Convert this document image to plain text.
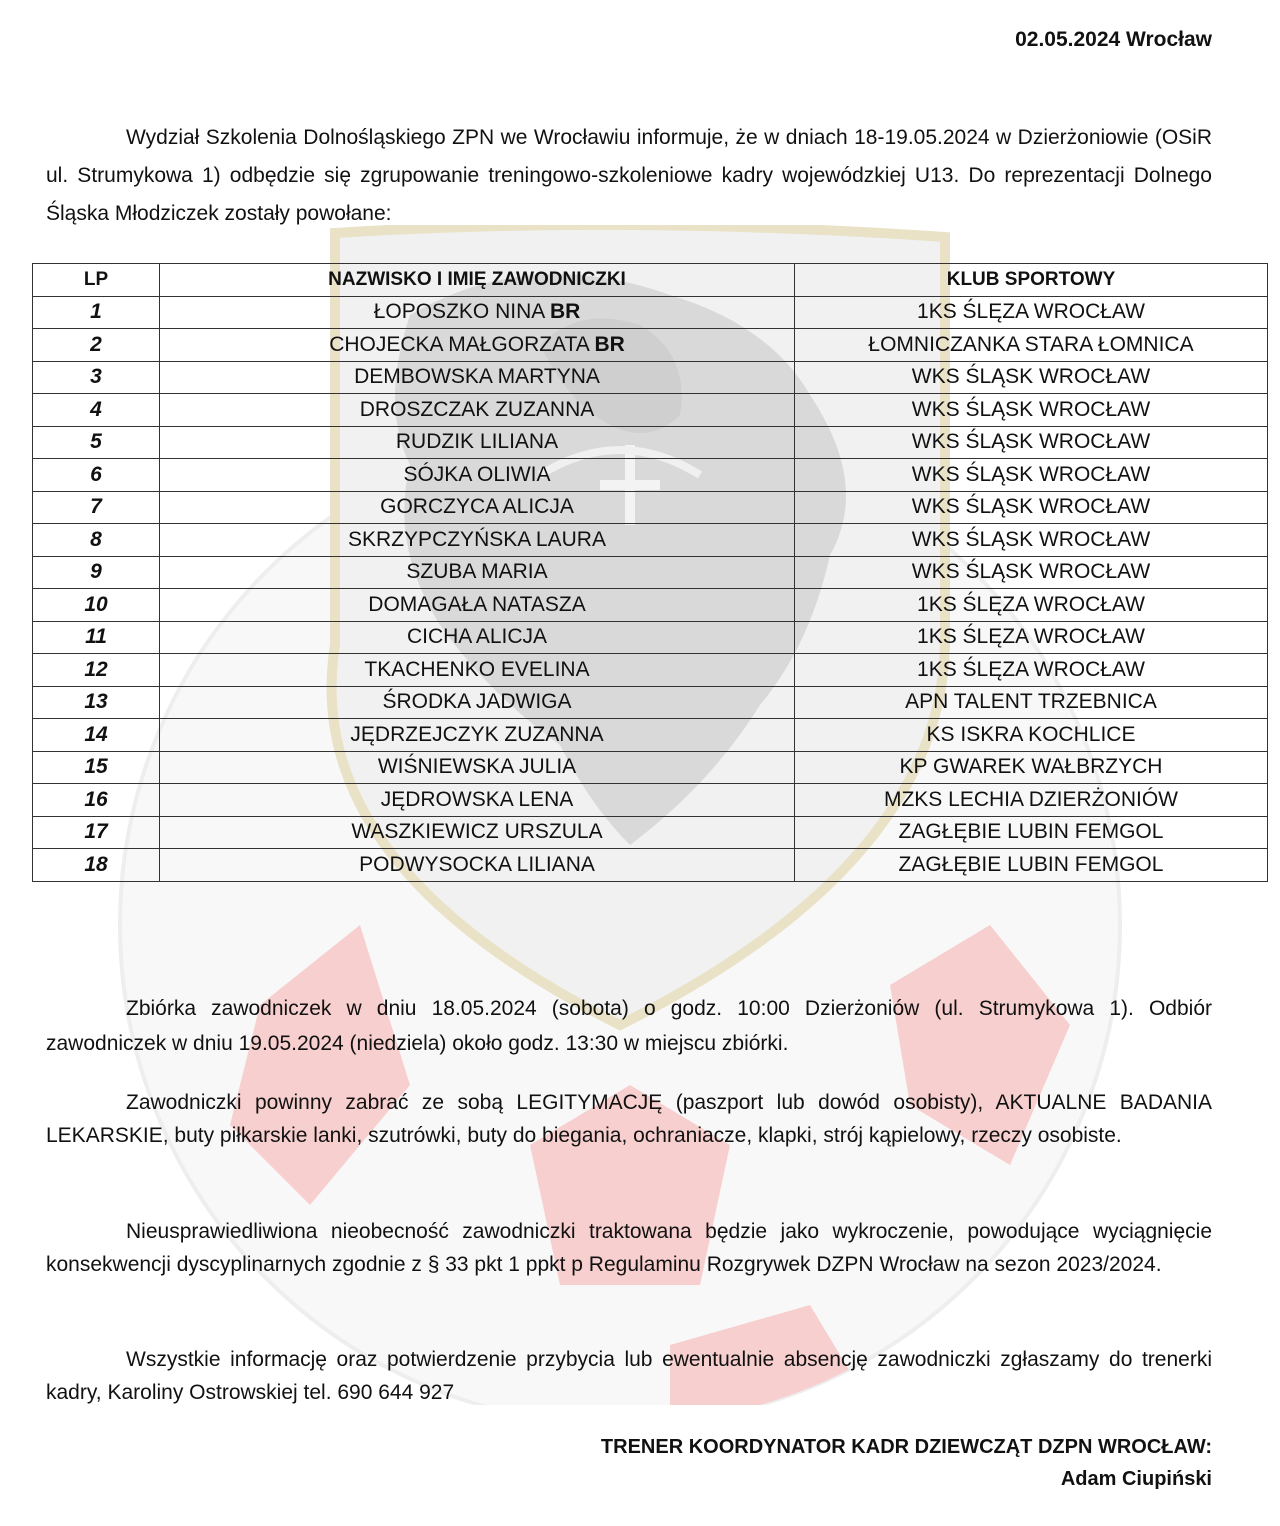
02.05.2024 Wrocław

Wydział Szkolenia Dolnośląskiego ZPN we Wrocławiu informuje, że w dniach 18-19.05.2024 w Dzierżoniowie (OSiR ul. Strumykowa 1) odbędzie się zgrupowanie treningowo-szkoleniowe kadry wojewódzkiej U13. Do reprezentacji Dolnego Śląska Młodziczek zostały powołane:

LP	NAZWISKO I IMIĘ ZAWODNICZKI	KLUB SPORTOWY
1	ŁOPOSZKO NINA BR	1KS ŚLĘZA WROCŁAW
2	CHOJECKA MAŁGORZATA BR	ŁOMNICZANKA STARA ŁOMNICA
3	DEMBOWSKA MARTYNA	WKS ŚLĄSK WROCŁAW
4	DROSZCZAK ZUZANNA	WKS ŚLĄSK WROCŁAW
5	RUDZIK LILIANA	WKS ŚLĄSK WROCŁAW
6	SÓJKA OLIWIA	WKS ŚLĄSK WROCŁAW
7	GORCZYCA ALICJA	WKS ŚLĄSK WROCŁAW
8	SKRZYPCZYŃSKA LAURA	WKS ŚLĄSK WROCŁAW
9	SZUBA MARIA	WKS ŚLĄSK WROCŁAW
10	DOMAGAŁA NATASZA	1KS ŚLĘZA WROCŁAW
11	CICHA ALICJA	1KS ŚLĘZA WROCŁAW
12	TKACHENKO EVELINA	1KS ŚLĘZA WROCŁAW
13	ŚRODKA JADWIGA	APN TALENT TRZEBNICA
14	JĘDRZEJCZYK ZUZANNA	KS ISKRA KOCHLICE
15	WIŚNIEWSKA JULIA	KP GWAREK WAŁBRZYCH
16	JĘDROWSKA LENA	MZKS LECHIA DZIERŻONIÓW
17	WASZKIEWICZ URSZULA	ZAGŁĘBIE LUBIN FEMGOL
18	PODWYSOCKA LILIANA	ZAGŁĘBIE LUBIN FEMGOL

Zbiórka zawodniczek w dniu 18.05.2024 (sobota) o godz. 10:00 Dzierżoniów (ul. Strumykowa 1). Odbiór zawodniczek w dniu 19.05.2024 (niedziela) około godz. 13:30 w miejscu zbiórki.

Zawodniczki powinny zabrać ze sobą LEGITYMACJĘ (paszport lub dowód osobisty), AKTUALNE BADANIA LEKARSKIE, buty piłkarskie lanki, szutrówki, buty do biegania, ochraniacze, klapki, strój kąpielowy, rzeczy osobiste.

Nieusprawiedliwiona nieobecność zawodniczki traktowana będzie jako wykroczenie, powodujące wyciągnięcie konsekwencji dyscyplinarnych zgodnie z § 33 pkt 1 ppkt p Regulaminu Rozgrywek DZPN Wrocław na sezon 2023/2024.

Wszystkie informację oraz potwierdzenie przybycia lub ewentualnie absencję zawodniczki zgłaszamy do trenerki kadry, Karoliny Ostrowskiej tel. 690 644 927

TRENER KOORDYNATOR KADR DZIEWCZĄT DZPN WROCŁAW:
Adam Ciupiński
